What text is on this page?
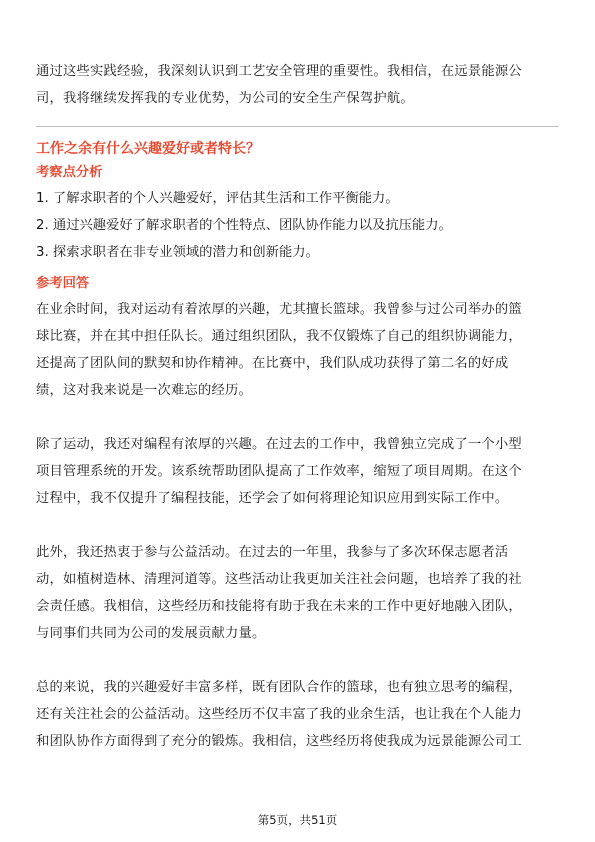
通过这些实践经验，我深刻认识到工艺安全管理的重要性。我相信，在远景能源公

司，我将继续发挥我的专业优势，为公司的安全生产保驾护航。

工作之余有什么兴趣爱好或者特长？

考察点分析

1. 了解求职者的个人兴趣爱好，评估其生活和工作平衡能力。

2. 通过兴趣爱好了解求职者的个性特点、团队协作能力以及抗压能力。

3. 探索求职者在非专业领域的潜力和创新能力。

参考回答

在业余时间，我对运动有着浓厚的兴趣，尤其擅长篮球。我曾参与过公司举办的篮

球比赛，并在其中担任队长。通过组织团队，我不仅锻炼了自己的组织协调能力，

还提高了团队间的默契和协作精神。在比赛中，我们队成功获得了第二名的好成

绩，这对我来说是一次难忘的经历。

除了运动，我还对编程有浓厚的兴趣。在过去的工作中，我曾独立完成了一个小型

项目管理系统的开发。该系统帮助团队提高了工作效率，缩短了项目周期。在这个

过程中，我不仅提升了编程技能，还学会了如何将理论知识应用到实际工作中。

此外，我还热衷于参与公益活动。在过去的一年里，我参与了多次环保志愿者活

动，如植树造林、清理河道等。这些活动让我更加关注社会问题，也培养了我的社

会责任感。我相信，这些经历和技能将有助于我在未来的工作中更好地融入团队，

与同事们共同为公司的发展贡献力量。

总的来说，我的兴趣爱好丰富多样，既有团队合作的篮球，也有独立思考的编程，

还有关注社会的公益活动。这些经历不仅丰富了我的业余生活，也让我在个人能力

和团队协作方面得到了充分的锻炼。我相信，这些经历将使我成为远景能源公司工

第5页，共51页
